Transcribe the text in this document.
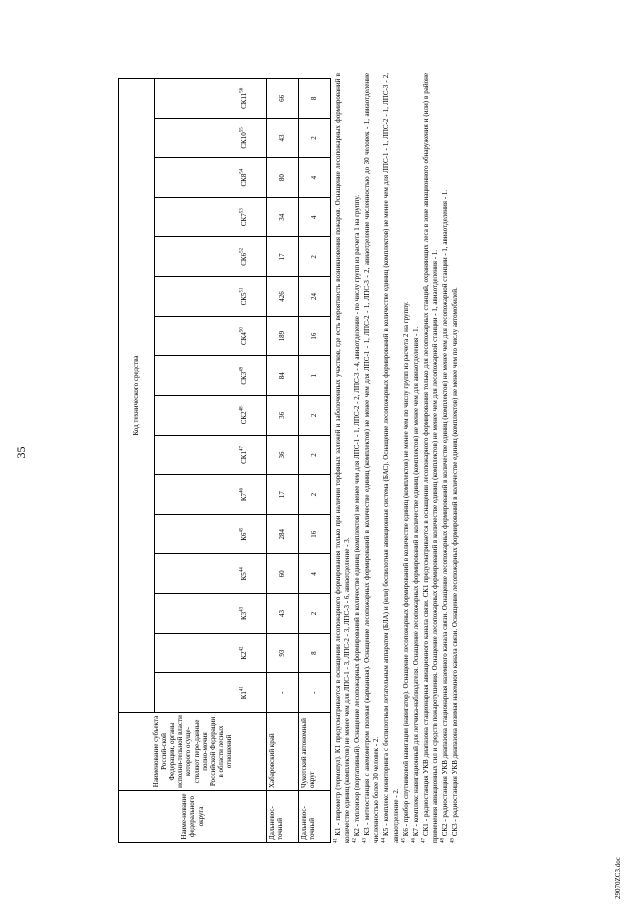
35
Наиме-нование федерального округа	Наименование субъекта Россий-ской Федерации, органы исполни-тельной власти которого осуще-ствляют пере-данные полно-мочия Российской Федерации в области лесных отношений	Код технического средства															
		$К1^{41}$	$К2^{42}$	$К3^{43}$	$К5^{44}$	$К6^{45}$	$К7^{46}$	$СК1^{47}$	$СК2^{48}$	$СК3^{49}$	$СК4^{50}$	$СК5^{51}$	$СК6^{52}$	$СК7^{53}$	$СК8^{54}$	$СК10^{55}$	$СК11^{56}$
Дальневос-точный	Хабаровский край	-	93	43	60	284	17	36	36	84	189	426	17	34	80	43	66
Дальневос-точный	Чукотский автономный округ	-	8	2	4	16	2	2	2	1	16	24	2	4	4	2	8

$^{41}$ К1 - пирометр (термопул). К1 предусматривается в оснащении лесопожарного формирования только при наличии торфяных залежей и заболоченных участков, где есть вероятность возникновения пожаров. Оснащение лесопожарных формирований в количестве единиц (комплектов) не менее чем для ЛПС-1 - 3, ЛПС-2 - 3, ЛПС-3 - 6, авиаотделение - 3. $^{42}$ К2 - теплоизор (портативный). Оснащение лесопожарных формирований в количестве единиц (комплектов) не менее чем для ЛПС-1 - 1, ЛПС-2 - 2, ЛПС-3 - 4, авиаотделение - по числу групп из расчета 1 на группу.

$^{43}$ К3 - метеостанция с анемометром полевая (карманная). Оснащение лесопожарных формирований в количестве единиц (комплектов) не менее чем для ЛПС-1 - 1, ЛПС-2 - 1, ЛПС-3 - 2, авиаотделение численностью до 30 человек - 1, авиаотделение численностью более 30 человек - 2. $^{44}$ К5 - комплекс мониторинга с беспилотным летательным аппаратом (БЛА) и (или) беспилотная авиационная система (БАС). Оснащение лесопожарных формирований в количестве единиц (комплектов) не менее чем для ЛПС-1 - 1, ЛПС-2 - 1, ЛПС-3 - 2, авиаотделение - 2. $^{45}$ К6 - прибор спутниковой навигации (навигатор). Оснащение лесопожарных формирований в количестве единиц (комплектов) не менее чем по числу групп из расчета 2 на группу.

$^{46}$ К7 - комплекс навигационный для летчика-наблюдателя. Оснащение лесопожарных формирований в количестве единиц (комплектов) не менее чем для авиаотделения - 1.

$^{47}$ СК1 - радиостанция УКВ диапазона стационарная авиационного канала связи. СК1 предусматривается в оснащении лесопожарного формирования только для лесопожарных станций, охраняющих леса в зоне авиационного обнаружения и (или) в районе применения авиационных сил и средств пожаротушения. Оснащение лесопожарных формирований в количестве единиц (комплектов) не менее чем для лесопожарной станции - 1, авиаотделения - 1. $^{48}$ СК2 - радиостанция УКВ диапазона стационарная наземного канала связи. Оснащение лесопожарных формирований в количестве единиц (комплектов) не менее чем для лесопожарной станции - 1, авиаотделения - 1.

$^{49}$ СК3 - радиостанция УКВ диапазона возимая наземного канала связи. Оснащение лесопожарных формирований в количестве единиц (комплектов) не менее чем по числу автомобилей.

29070ZC3.doc
